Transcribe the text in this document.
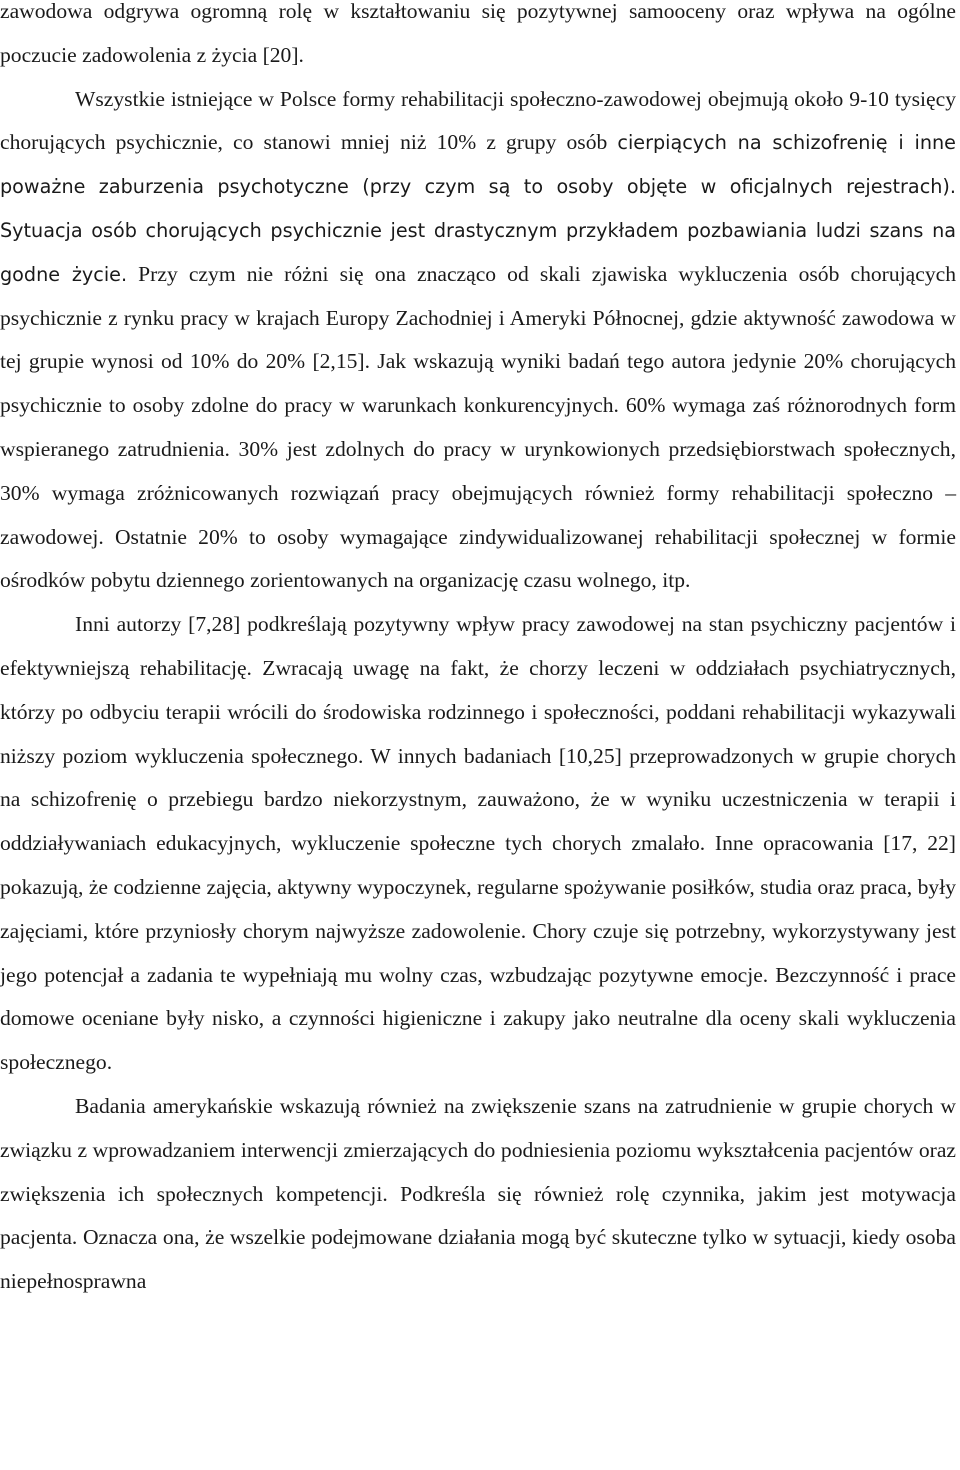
zawodowa odgrywa ogromną rolę w kształtowaniu się pozytywnej samooceny oraz wpływa na ogólne poczucie zadowolenia z życia [20].

Wszystkie istniejące w Polsce formy rehabilitacji społeczno-zawodowej obejmują około 9-10 tysięcy chorujących psychicznie, co stanowi mniej niż 10% z grupy osób cierpiących na schizofrenię i inne poważne zaburzenia psychotyczne (przy czym są to osoby objęte w oficjalnych rejestrach). Sytuacja osób chorujących psychicznie jest drastycznym przykładem pozbawiania ludzi szans na godne życie. Przy czym nie różni się ona znacząco od skali zjawiska wykluczenia osób chorujących psychicznie z rynku pracy w krajach Europy Zachodniej i Ameryki Północnej, gdzie aktywność zawodowa w tej grupie wynosi od 10% do 20% [2,15]. Jak wskazują wyniki badań tego autora jedynie 20% chorujących psychicznie to osoby zdolne do pracy w warunkach konkurencyjnych. 60% wymaga zaś różnorodnych form wspieranego zatrudnienia. 30% jest zdolnych do pracy w urynkowionych przedsiębiorstwach społecznych, 30% wymaga zróżnicowanych rozwiązań pracy obejmujących również formy rehabilitacji społeczno – zawodowej. Ostatnie 20% to osoby wymagające zindywidualizowanej rehabilitacji społecznej w formie ośrodków pobytu dziennego zorientowanych na organizację czasu wolnego, itp.

Inni autorzy [7,28] podkreślają pozytywny wpływ pracy zawodowej na stan psychiczny pacjentów i efektywniejszą rehabilitację. Zwracają uwagę na fakt, że chorzy leczeni w oddziałach psychiatrycznych, którzy po odbyciu terapii wrócili do środowiska rodzinnego i społeczności, poddani rehabilitacji wykazywali niższy poziom wykluczenia społecznego. W innych badaniach [10,25] przeprowadzonych w grupie chorych na schizofrenię o przebiegu bardzo niekorzystnym, zauważono, że w wyniku uczestniczenia w terapii i oddziaływaniach edukacyjnych, wykluczenie społeczne tych chorych zmalało. Inne opracowania [17, 22] pokazują, że codzienne zajęcia, aktywny wypoczynek, regularne spożywanie posiłków, studia oraz praca, były zajęciami, które przyniosły chorym najwyższe zadowolenie. Chory czuje się potrzebny, wykorzystywany jest jego potencjał a zadania te wypełniają mu wolny czas, wzbudzając pozytywne emocje. Bezczynność i prace domowe oceniane były nisko, a czynności higieniczne i zakupy jako neutralne dla oceny skali wykluczenia społecznego.

Badania amerykańskie wskazują również na zwiększenie szans na zatrudnienie w grupie chorych w związku z wprowadzaniem interwencji zmierzających do podniesienia poziomu wykształcenia pacjentów oraz zwiększenia ich społecznych kompetencji. Podkreśla się również rolę czynnika, jakim jest motywacja pacjenta. Oznacza ona, że wszelkie podejmowane działania mogą być skuteczne tylko w sytuacji, kiedy osoba niepełnosprawna
